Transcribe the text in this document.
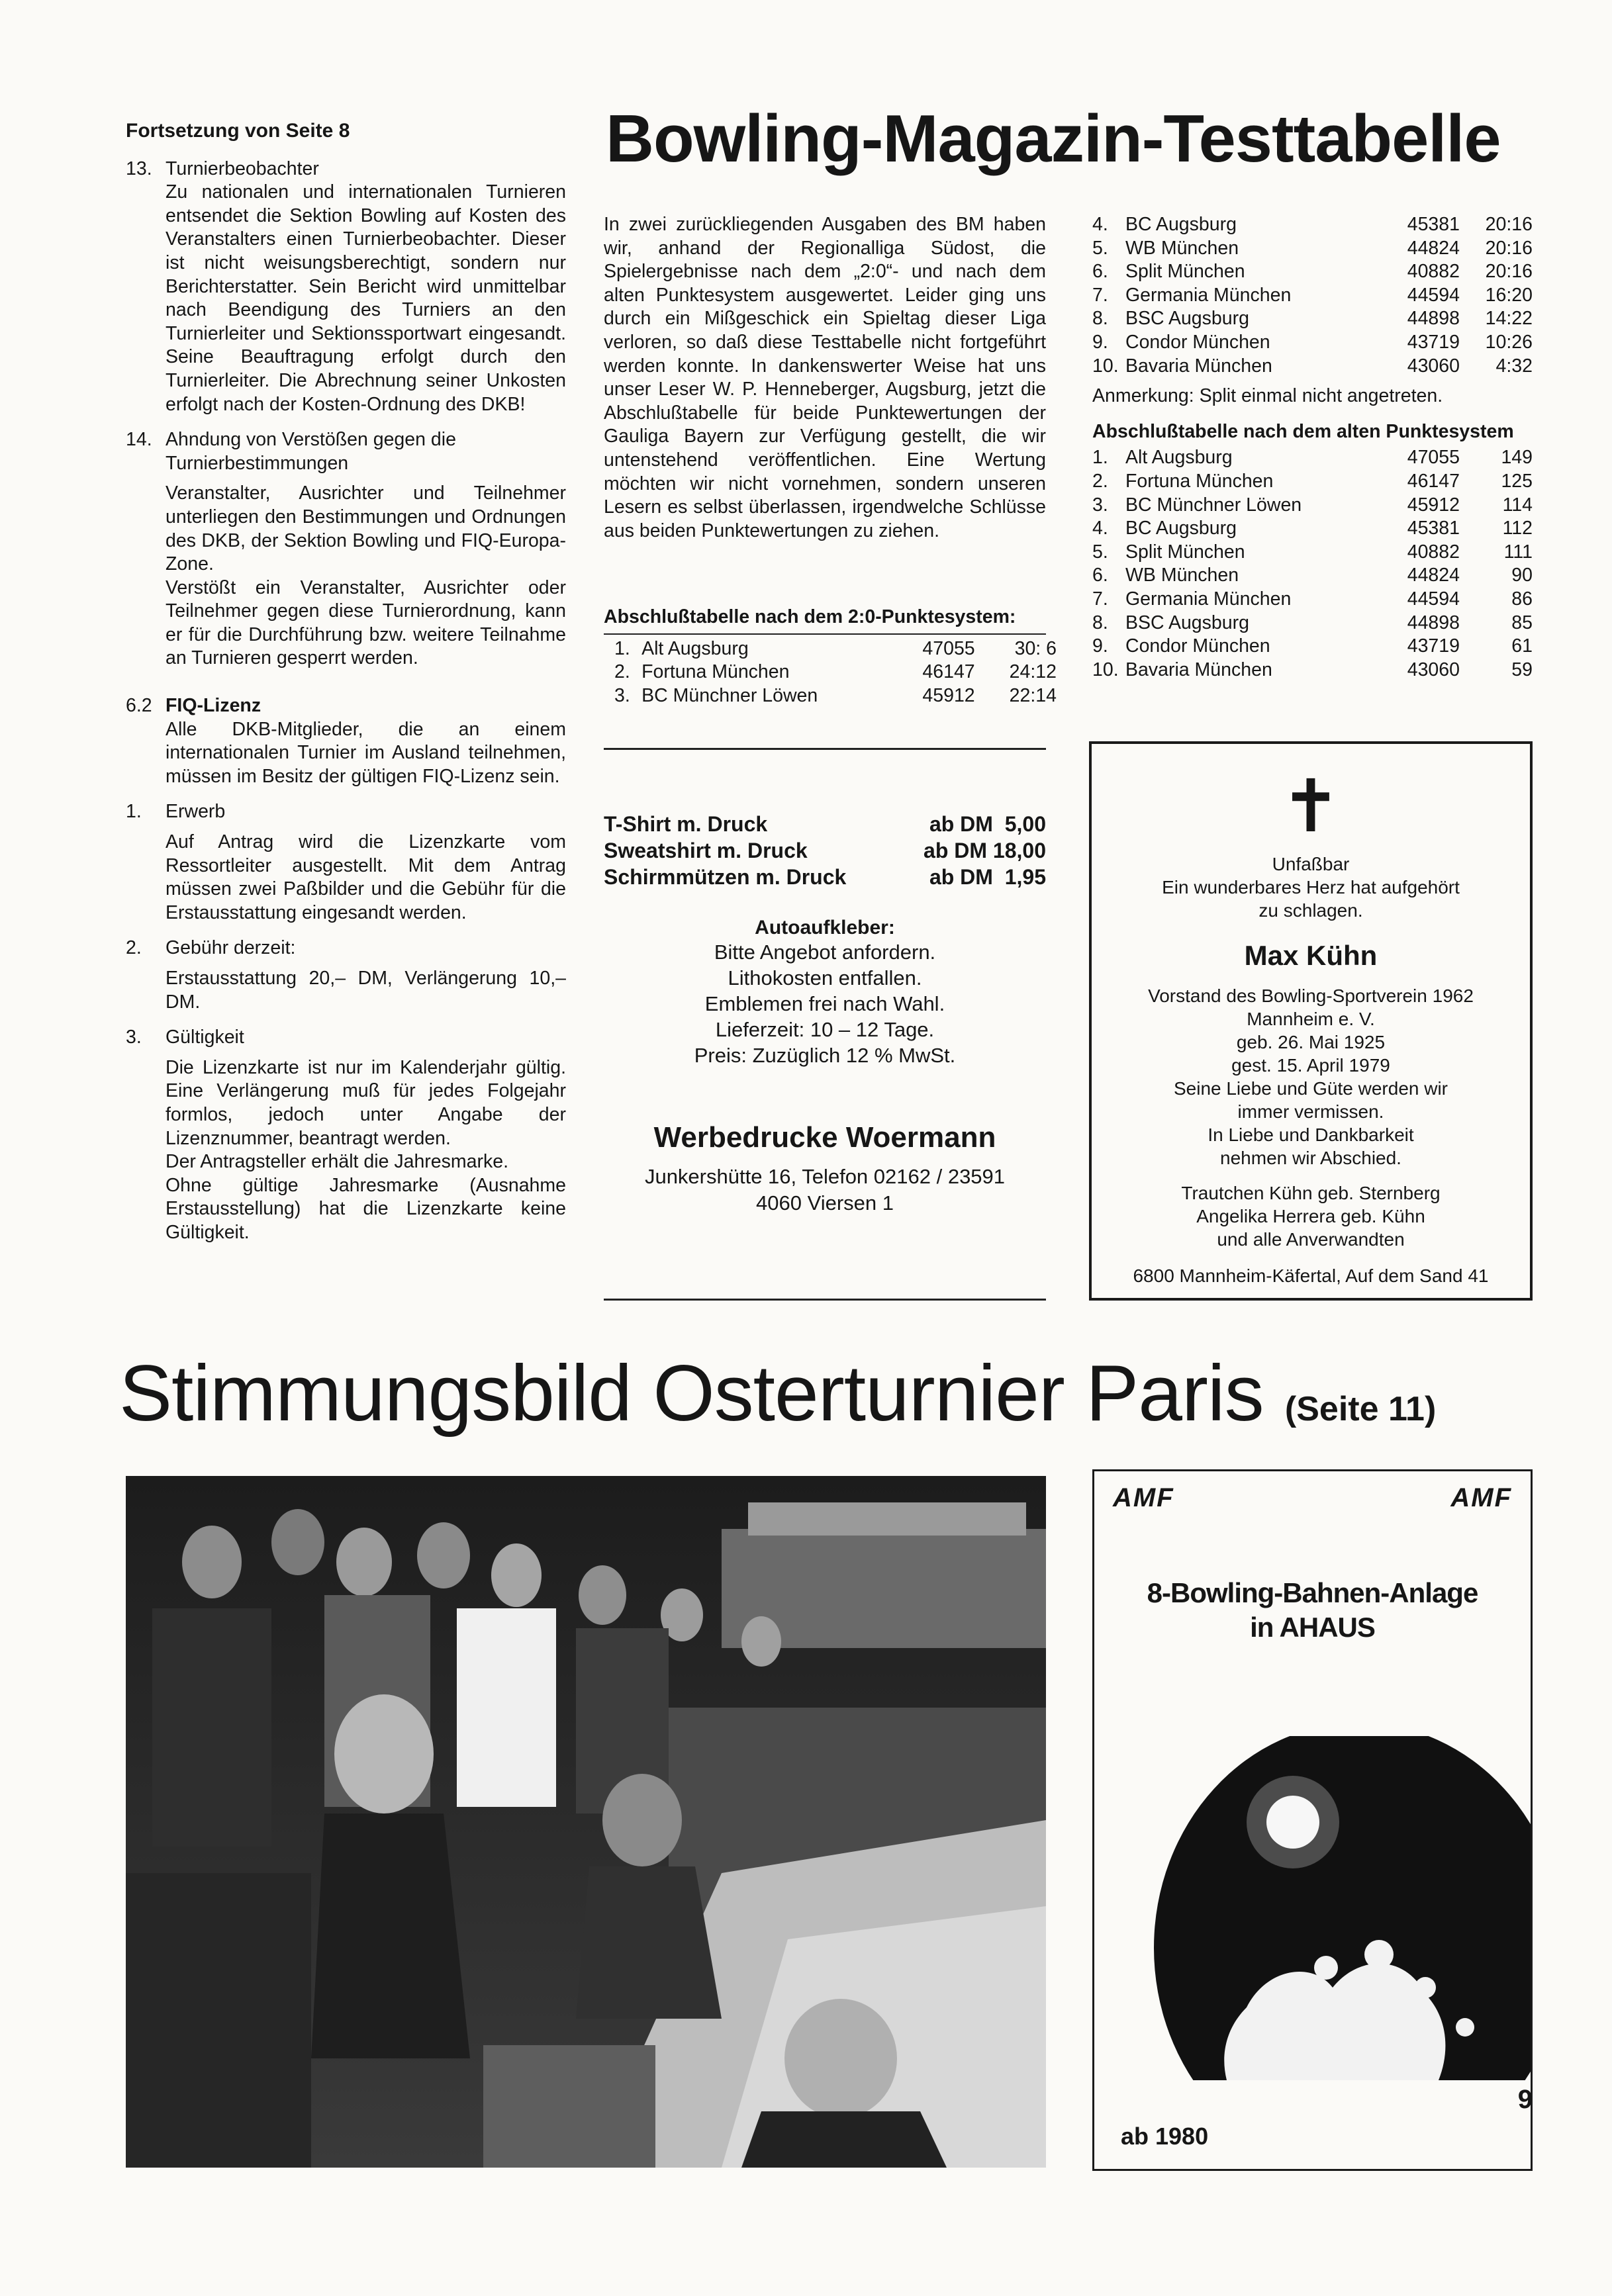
Fortsetzung von Seite 8
13. Turnierbeobachter
Zu nationalen und internationalen Turnieren entsendet die Sektion Bowling auf Kosten des Veranstalters einen Turnierbeobachter. Dieser ist nicht weisungsberechtigt, sondern nur Berichterstatter. Sein Bericht wird unmittelbar nach Beendigung des Turniers an den Turnierleiter und Sektionssportwart eingesandt. Seine Beauftragung erfolgt durch den Turnierleiter. Die Abrechnung seiner Unkosten erfolgt nach der Kosten-Ordnung des DKB!
14. Ahndung von Verstößen gegen die Turnierbestimmungen
Veranstalter, Ausrichter und Teilnehmer unterliegen den Bestimmungen und Ordnungen des DKB, der Sektion Bowling und FIQ-Europa-Zone.
Verstößt ein Veranstalter, Ausrichter oder Teilnehmer gegen diese Turnierordnung, kann er für die Durchführung bzw. weitere Teilnahme an Turnieren gesperrt werden.
6.2 FIQ-Lizenz
Alle DKB-Mitglieder, die an einem internationalen Turnier im Ausland teilnehmen, müssen im Besitz der gültigen FIQ-Lizenz sein.
1.	Erwerb
Auf Antrag wird die Lizenzkarte vom Ressortleiter ausgestellt. Mit dem Antrag müssen zwei Paßbilder und die Gebühr für die Erstausstattung eingesandt werden.
2.	Gebühr derzeit:
Erstausstattung 20,– DM, Verlängerung 10,– DM.
3.	Gültigkeit
Die Lizenzkarte ist nur im Kalenderjahr gültig. Eine Verlängerung muß für jedes Folgejahr formlos, jedoch unter Angabe der Lizenznummer, beantragt werden.
Der Antragsteller erhält die Jahresmarke.
Ohne gültige Jahresmarke (Ausnahme Erstausstellung) hat die Lizenzkarte keine Gültigkeit.
Bowling-Magazin-Testtabelle
In zwei zurückliegenden Ausgaben des BM haben wir, anhand der Regionalliga Südost, die Spielergebnisse nach dem „2:0“- und nach dem alten Punktesystem ausgewertet. Leider ging uns durch ein Mißgeschick ein Spieltag dieser Liga verloren, so daß diese Testtabelle nicht fortgeführt werden konnte. In dankenswerter Weise hat uns unser Leser W. P. Henneberger, Augsburg, jetzt die Abschlußtabelle für beide Punktewertungen der Gauliga Bayern zur Verfügung gestellt, die wir untenstehend veröffentlichen. Eine Wertung möchten wir nicht vornehmen, sondern unseren Lesern es selbst überlassen, irgendwelche Schlüsse aus beiden Punktewertungen zu ziehen.
Abschlußtabelle nach dem 2:0-Punktesystem:
1.	Alt Augsburg	47055	30: 6
2.	Fortuna München	46147	24:12
3.	BC Münchner Löwen	45912	22:14
4.	BC Augsburg	45381	20:16
5.	WB München	44824	20:16
6.	Split München	40882	20:16
7.	Germania München	44594	16:20
8.	BSC Augsburg	44898	14:22
9.	Condor München	43719	10:26
10.	Bavaria München	43060	4:32
Anmerkung: Split einmal nicht angetreten.
Abschlußtabelle nach dem alten Punktesystem
1.	Alt Augsburg	47055	149
2.	Fortuna München	46147	125
3.	BC Münchner Löwen	45912	114
4.	BC Augsburg	45381	112
5.	Split München	40882	111
6.	WB München	44824	90
7.	Germania München	44594	86
8.	BSC Augsburg	44898	85
9.	Condor München	43719	61
10.	Bavaria München	43060	59
T-Shirt m. Druck	ab DM  5,00
Sweatshirt m. Druck	ab DM 18,00
Schirmmützen m. Druck	ab DM  1,95
Autoaufkleber:
Bitte Angebot anfordern.
Lithokosten entfallen.
Emblemen frei nach Wahl.
Lieferzeit: 10 – 12 Tage.
Preis: Zuzüglich 12 % MwSt.
Werbedrucke Woermann
Junkershütte 16, Telefon 02162 / 23591
4060 Viersen 1
✝
Unfaßbar
Ein wunderbares Herz hat aufgehört
zu schlagen.
Max Kühn
Vorstand des Bowling-Sportverein 1962
Mannheim e. V.
geb. 26. Mai 1925
gest. 15. April 1979
Seine Liebe und Güte werden wir
immer vermissen.
In Liebe und Dankbarkeit
nehmen wir Abschied.
Trautchen Kühn geb. Sternberg
Angelika Herrera geb. Kühn
und alle Anverwandten
6800 Mannheim-Käfertal, Auf dem Sand 41
Stimmungsbild Osterturnier Paris (Seite 11)
AMF	AMF
8-Bowling-Bahnen-Anlage
in AHAUS
ab 1980
9
